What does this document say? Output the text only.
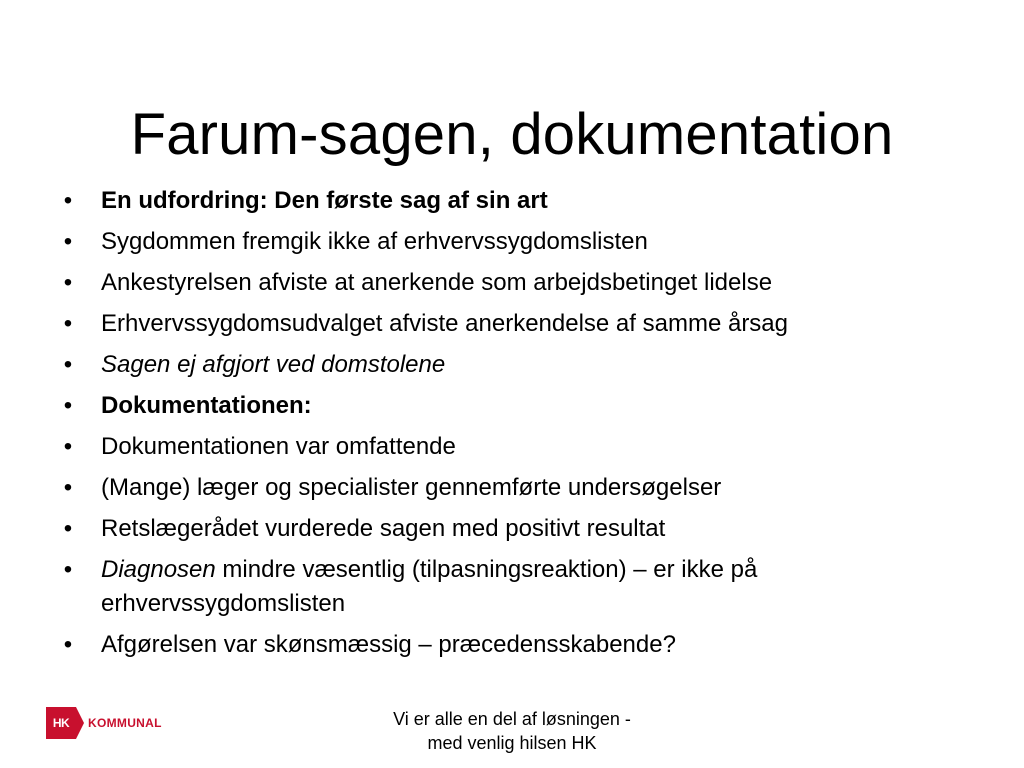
Farum-sagen, dokumentation
• En udfordring: Den første sag af sin art
• Sygdommen fremgik ikke af erhvervssygdomslisten
• Ankestyrelsen afviste at anerkende som arbejdsbetinget lidelse
• Erhvervssygdomsudvalget afviste anerkendelse af samme årsag
• Sagen ej afgjort ved domstolene
• Dokumentationen:
• Dokumentationen var omfattende
• (Mange) læger og specialister gennemførte undersøgelser
• Retslægerådet vurderede sagen med positivt resultat
• Diagnosen mindre væsentlig (tilpasningsreaktion) – er ikke på erhvervssygdomslisten
• Afgørelsen var skønsmæssig – præcedensskabende?
HK	KOMMUNAL	Vi er alle en del af løsningen -
med venlig hilsen HK
